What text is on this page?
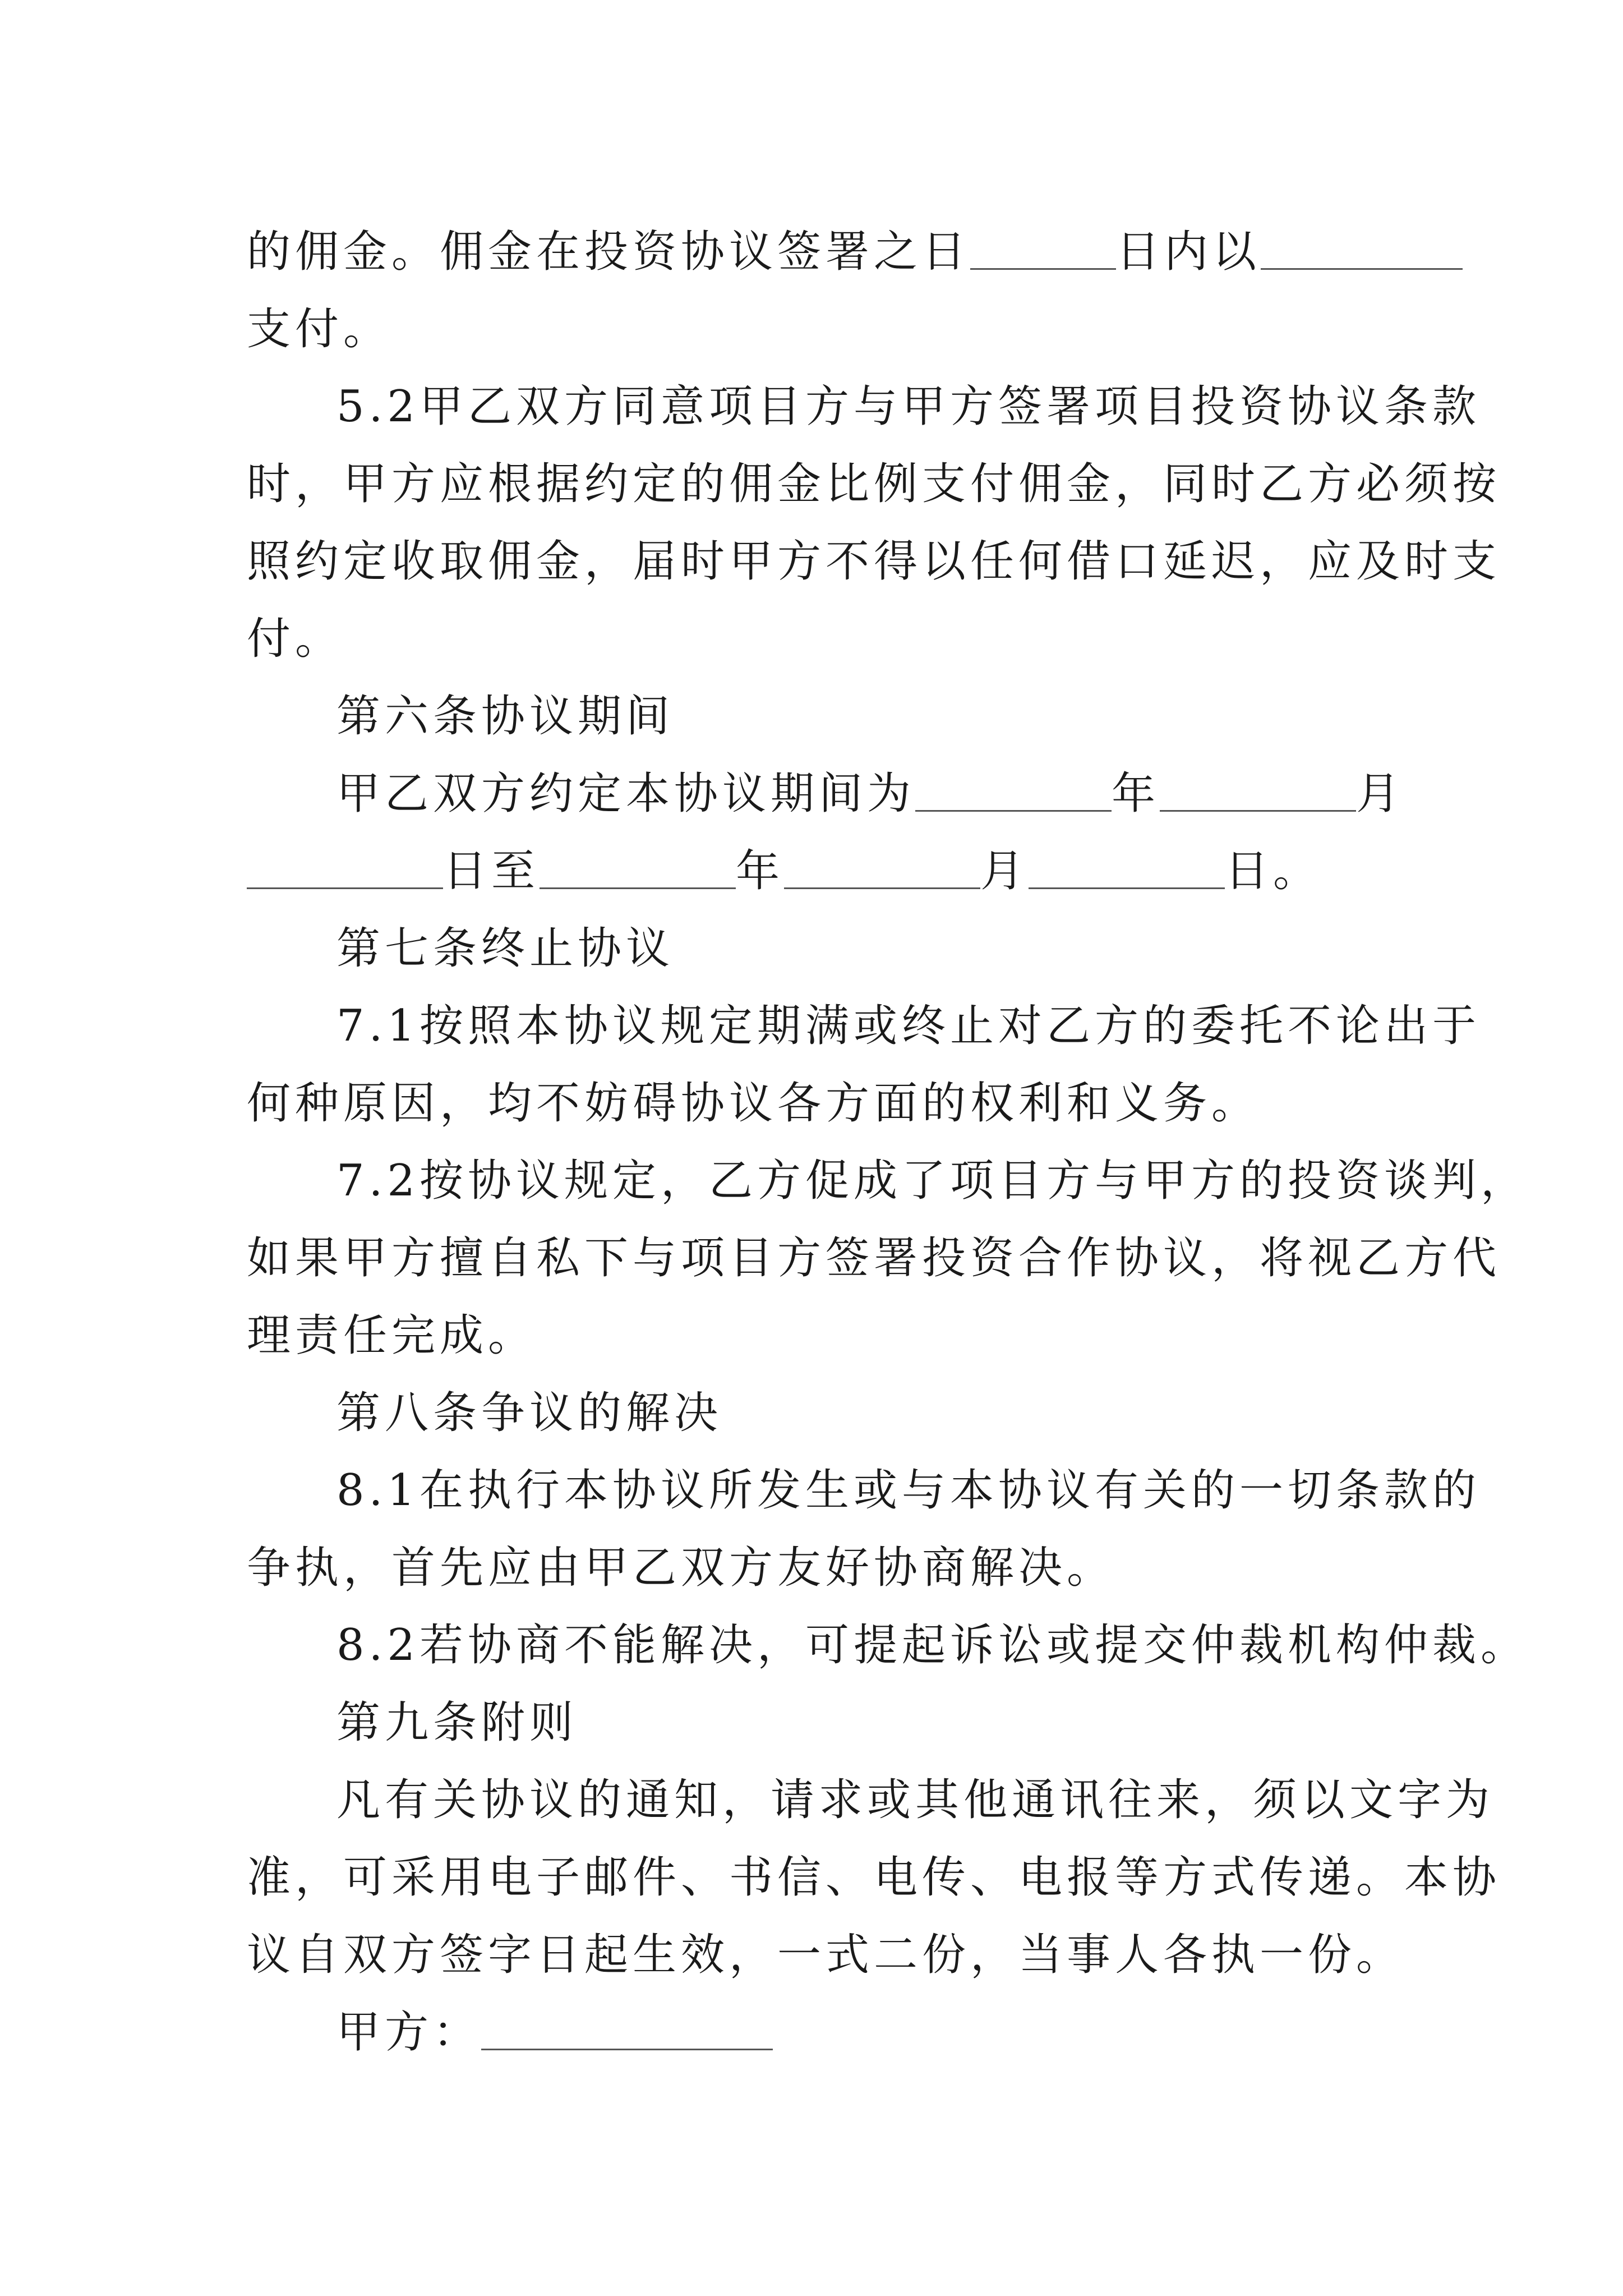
的佣金。佣金在投资协议签署之日	日内以
支付。
5.2甲乙双方同意项目方与甲方签署项目投资协议条款
时，甲方应根据约定的佣金比例支付佣金，同时乙方必须按
照约定收取佣金，届时甲方不得以任何借口延迟，应及时支
付。
第六条协议期间
甲乙双方约定本协议期间为	年	月
日至	年	月	日。
第七条终止协议
7.1按照本协议规定期满或终止对乙方的委托不论出于
何种原因，均不妨碍协议各方面的权利和义务。
7.2按协议规定，乙方促成了项目方与甲方的投资谈判，
如果甲方擅自私下与项目方签署投资合作协议，将视乙方代
理责任完成。
第八条争议的解决
8.1在执行本协议所发生或与本协议有关的一切条款的
争执，首先应由甲乙双方友好协商解决。
8.2若协商不能解决，可提起诉讼或提交仲裁机构仲裁。
第九条附则
凡有关协议的通知，请求或其他通讯往来，须以文字为
准，可采用电子邮件、书信、电传、电报等方式传递。本协
议自双方签字日起生效，一式二份，当事人各执一份。
甲方：
